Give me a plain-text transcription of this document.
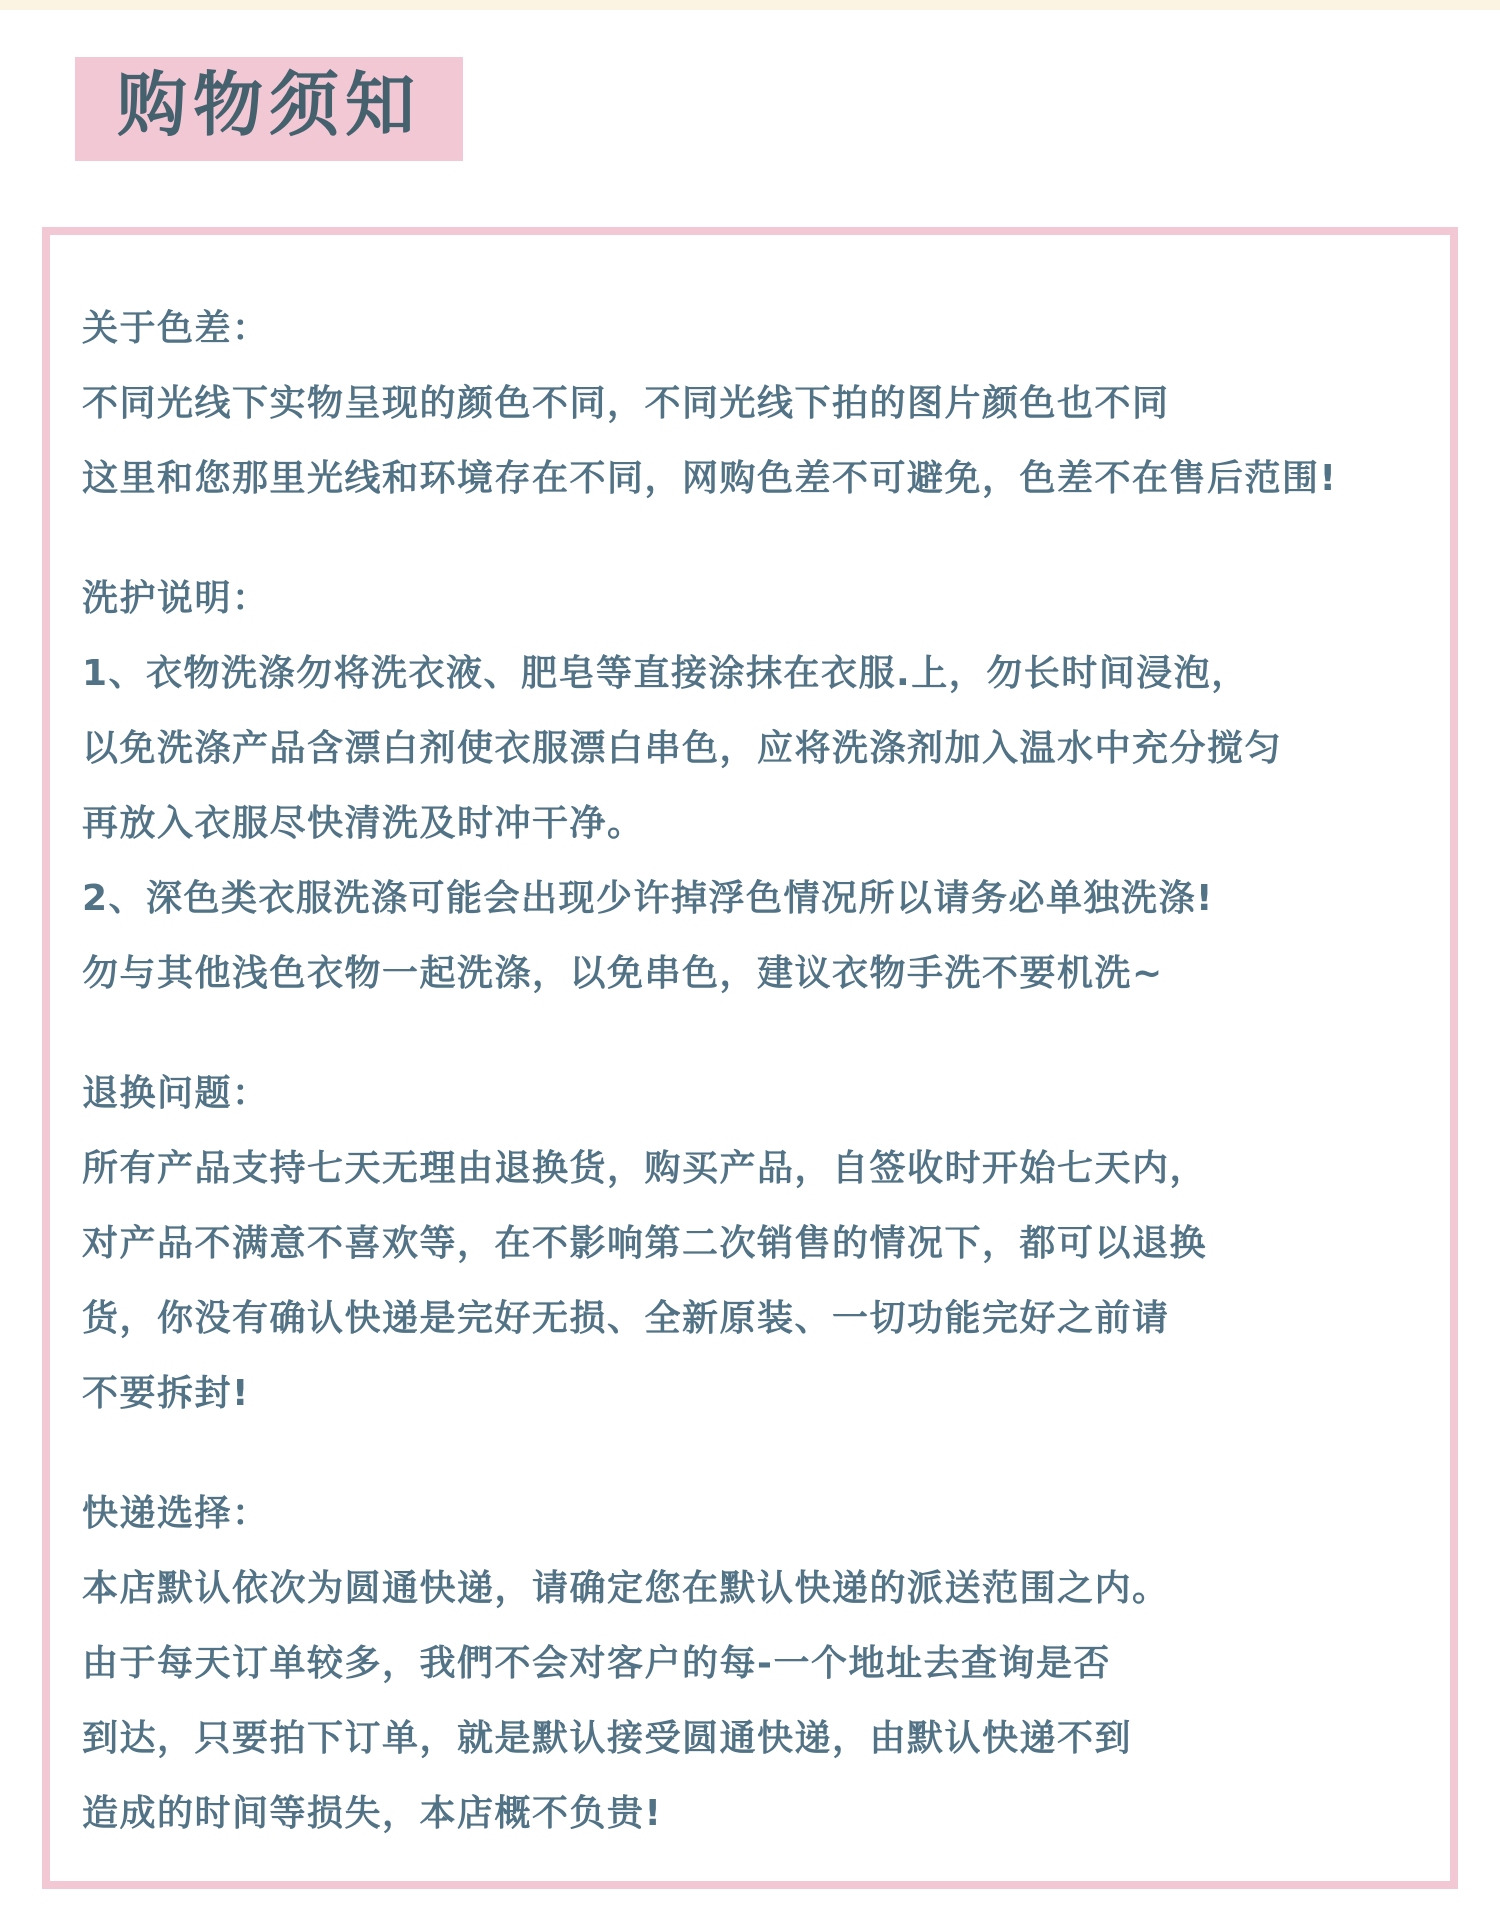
购物须知

关于色差：

不同光线下实物呈现的颜色不同，不同光线下拍的图片颜色也不同

这里和您那里光线和环境存在不同，网购色差不可避免，色差不在售后范围!

洗护说明：

1、衣物洗涤勿将洗衣液、肥皂等直接涂抹在衣服.上，勿长时间浸泡，

以免洗涤产品含漂白剂使衣服漂白串色，应将洗涤剂加入温水中充分搅匀

再放入衣服尽快清洗及时冲干净。

2、深色类衣服洗涤可能会出现少许掉浮色情况所以请务必单独洗涤!

勿与其他浅色衣物一起洗涤，以免串色，建议衣物手洗不要机洗~

退换问题：

所有产品支持七天无理由退换货，购买产品，自签收时开始七天内，

对产品不满意不喜欢等，在不影响第二次销售的情况下，都可以退换

货，你没有确认快递是完好无损、全新原装、一切功能完好之前请

不要拆封!

快递选择：

本店默认依次为圆通快递，请确定您在默认快递的派送范围之内。

由于每天订单较多，我們不会对客户的每-一个地址去查询是否

到达，只要拍下订单，就是默认接受圆通快递，由默认快递不到

造成的时间等损失，本店概不负贵!
